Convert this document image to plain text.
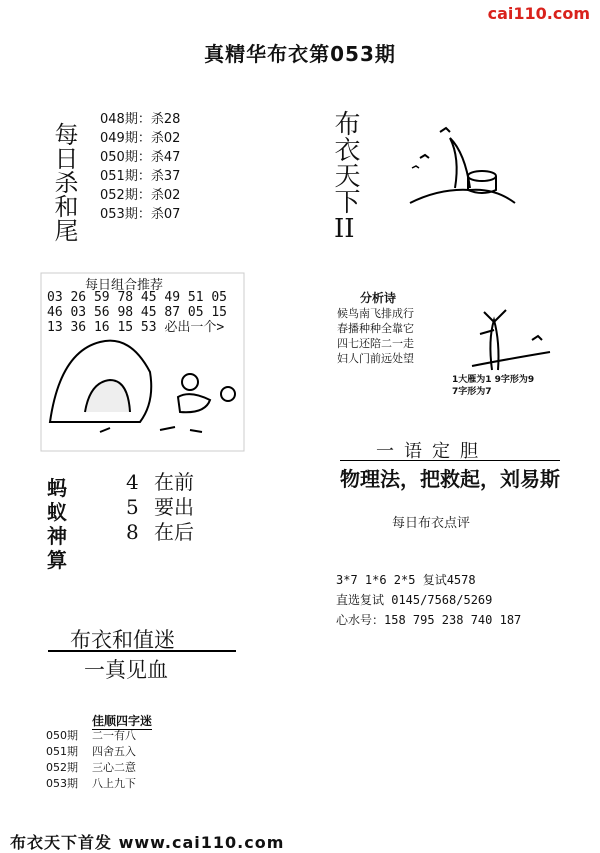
cai110.com
真精华布衣第053期
每日杀和尾
048期：杀28
049期：杀02
050期：杀47
051期：杀37
052期：杀02
053期：杀07
布衣天下
II
每日组合推荐
03 26 59 78 45 49 51 05
46 03 56 98 45 87 05 15
13 36 16 15 53 必出一个>
蚂蚁神算
4 在前
5 要出
8 在后
分析诗
候鸟南飞排成行
春播种种全靠它
四七还陪二一走
妇人门前远处望
1大雁为1 9字形为9
7字形为7
一语定胆
物理法，把救起，刘易斯
每日布衣点评
3*7 1*6 2*5 复试4578
直选复试 0145/7568/5269
心水号：158 795 238 740 187
布衣和值迷
一真见血
佳顺四字迷
050期 二一有八
051期 四舍五入
052期 三心二意
053期 八上九下
布衣天下首发 www.cai110.com
